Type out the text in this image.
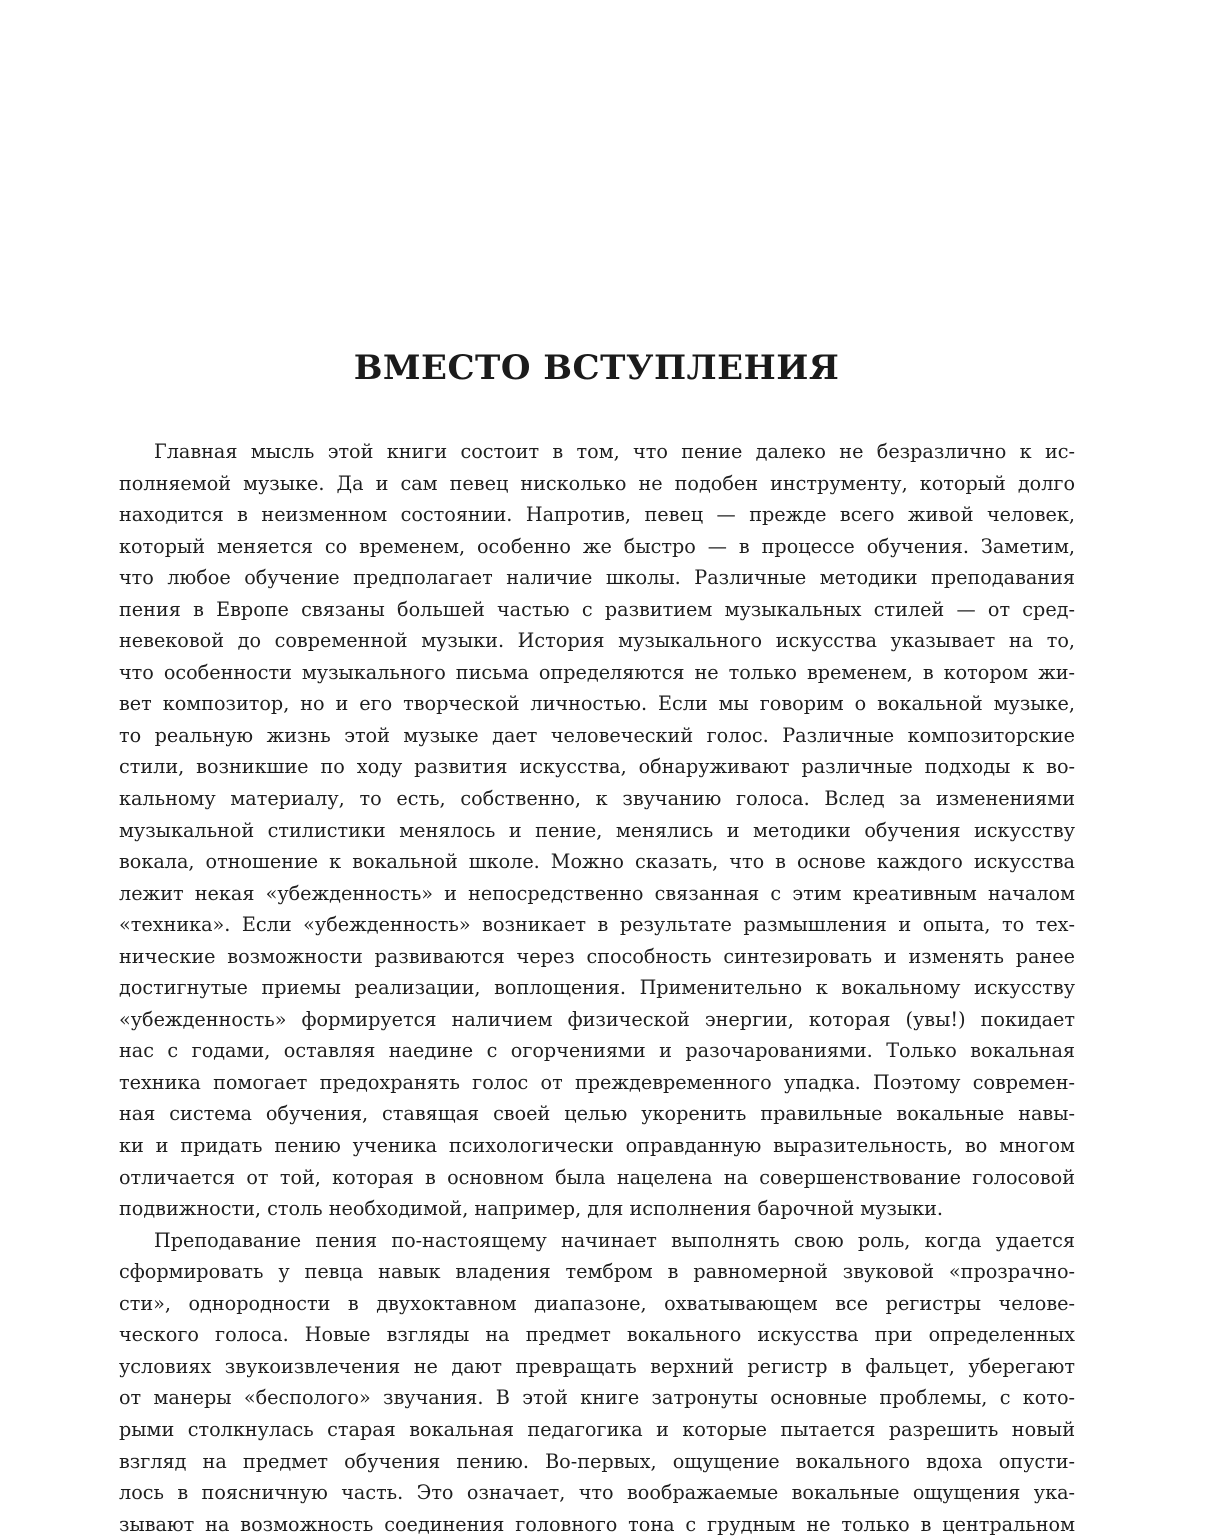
ВМЕСТО ВСТУПЛЕНИЯ
Главная мысль этой книги состоит в том, что пение далеко не безразлично к ис-
полняемой музыке. Да и сам певец нисколько не подобен инструменту, который долго
находится в неизменном состоянии. Напротив, певец — прежде всего живой человек,
который меняется со временем, особенно же быстро — в процессе обучения. Заметим,
что любое обучение предполагает наличие школы. Различные методики преподавания
пения в Европе связаны большей частью с развитием музыкальных стилей — от сред-
невековой до современной музыки. История музыкального искусства указывает на то,
что особенности музыкального письма определяются не только временем, в котором жи-
вет композитор, но и его творческой личностью. Если мы говорим о вокальной музыке,
то реальную жизнь этой музыке дает человеческий голос. Различные композиторские
стили, возникшие по ходу развития искусства, обнаруживают различные подходы к во-
кальному материалу, то есть, собственно, к звучанию голоса. Вслед за изменениями
музыкальной стилистики менялось и пение, менялись и методики обучения искусству
вокала, отношение к вокальной школе. Можно сказать, что в основе каждого искусства
лежит некая «убежденность» и непосредственно связанная с этим креативным началом
«техника». Если «убежденность» возникает в результате размышления и опыта, то тех-
нические возможности развиваются через способность синтезировать и изменять ранее
достигнутые приемы реализации, воплощения. Применительно к вокальному искусству
«убежденность» формируется наличием физической энергии, которая (увы!) покидает
нас с годами, оставляя наедине с огорчениями и разочарованиями. Только вокальная
техника помогает предохранять голос от преждевременного упадка. Поэтому современ-
ная система обучения, ставящая своей целью укоренить правильные вокальные навы-
ки и придать пению ученика психологически оправданную выразительность, во многом
отличается от той, которая в основном была нацелена на совершенствование голосовой
подвижности, столь необходимой, например, для исполнения барочной музыки.
Преподавание пения по-настоящему начинает выполнять свою роль, когда удается
сформировать у певца навык владения тембром в равномерной звуковой «прозрачно-
сти», однородности в двухоктавном диапазоне, охватывающем все регистры челове-
ческого голоса. Новые взгляды на предмет вокального искусства при определенных
условиях звукоизвлечения не дают превращать верхний регистр в фальцет, уберегают
от манеры «бесполого» звучания. В этой книге затронуты основные проблемы, с кото-
рыми столкнулась старая вокальная педагогика и которые пытается разрешить новый
взгляд на предмет обучения пению. Во-первых, ощущение вокального вдоха опусти-
лось в поясничную часть. Это означает, что воображаемые вокальные ощущения ука-
зывают на возможность соединения головного тона с грудным не только в центральном
